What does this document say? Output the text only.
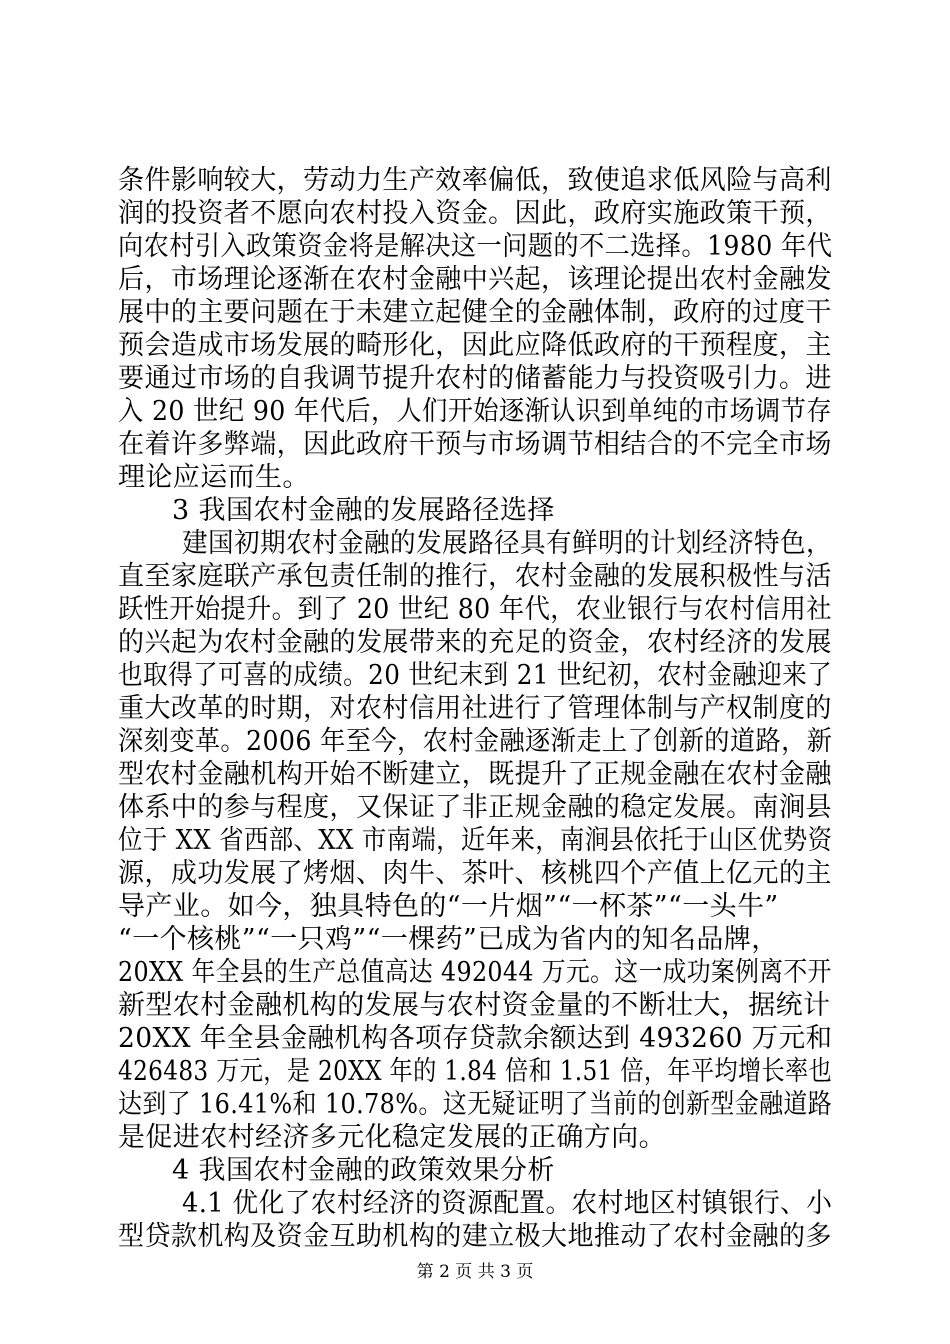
条件影响较大，劳动力生产效率偏低，致使追求低风险与高利
润的投资者不愿向农村投入资金。因此，政府实施政策干预，
向农村引入政策资金将是解决这一问题的不二选择。1980 年代
后，市场理论逐渐在农村金融中兴起，该理论提出农村金融发
展中的主要问题在于未建立起健全的金融体制，政府的过度干
预会造成市场发展的畸形化，因此应降低政府的干预程度，主
要通过市场的自我调节提升农村的储蓄能力与投资吸引力。进
入 20 世纪 90 年代后，人们开始逐渐认识到单纯的市场调节存
在着许多弊端，因此政府干预与市场调节相结合的不完全市场
理论应运而生。
3 我国农村金融的发展路径选择
建国初期农村金融的发展路径具有鲜明的计划经济特色，
直至家庭联产承包责任制的推行，农村金融的发展积极性与活
跃性开始提升。到了 20 世纪 80 年代，农业银行与农村信用社
的兴起为农村金融的发展带来的充足的资金，农村经济的发展
也取得了可喜的成绩。20 世纪末到 21 世纪初，农村金融迎来了
重大改革的时期，对农村信用社进行了管理体制与产权制度的
深刻变革。2006 年至今，农村金融逐渐走上了创新的道路，新
型农村金融机构开始不断建立，既提升了正规金融在农村金融
体系中的参与程度，又保证了非正规金融的稳定发展。南涧县
位于 XX 省西部、XX 市南端，近年来，南涧县依托于山区优势资
源，成功发展了烤烟、肉牛、茶叶、核桃四个产值上亿元的主
导产业。如今，独具特色的“一片烟”“一杯茶”“一头牛”
“一个核桃”“一只鸡”“一棵药”已成为省内的知名品牌，
20XX 年全县的生产总值高达 492044 万元。这一成功案例离不开
新型农村金融机构的发展与农村资金量的不断壮大，据统计
20XX 年全县金融机构各项存贷款余额达到 493260 万元和
426483 万元，是 20XX 年的 1.84 倍和 1.51 倍，年平均增长率也
达到了 16.41%和 10.78%。这无疑证明了当前的创新型金融道路
是促进农村经济多元化稳定发展的正确方向。
4 我国农村金融的政策效果分析
4.1 优化了农村经济的资源配置。农村地区村镇银行、小
型贷款机构及资金互助机构的建立极大地推动了农村金融的多
第 2 页 共 3 页
